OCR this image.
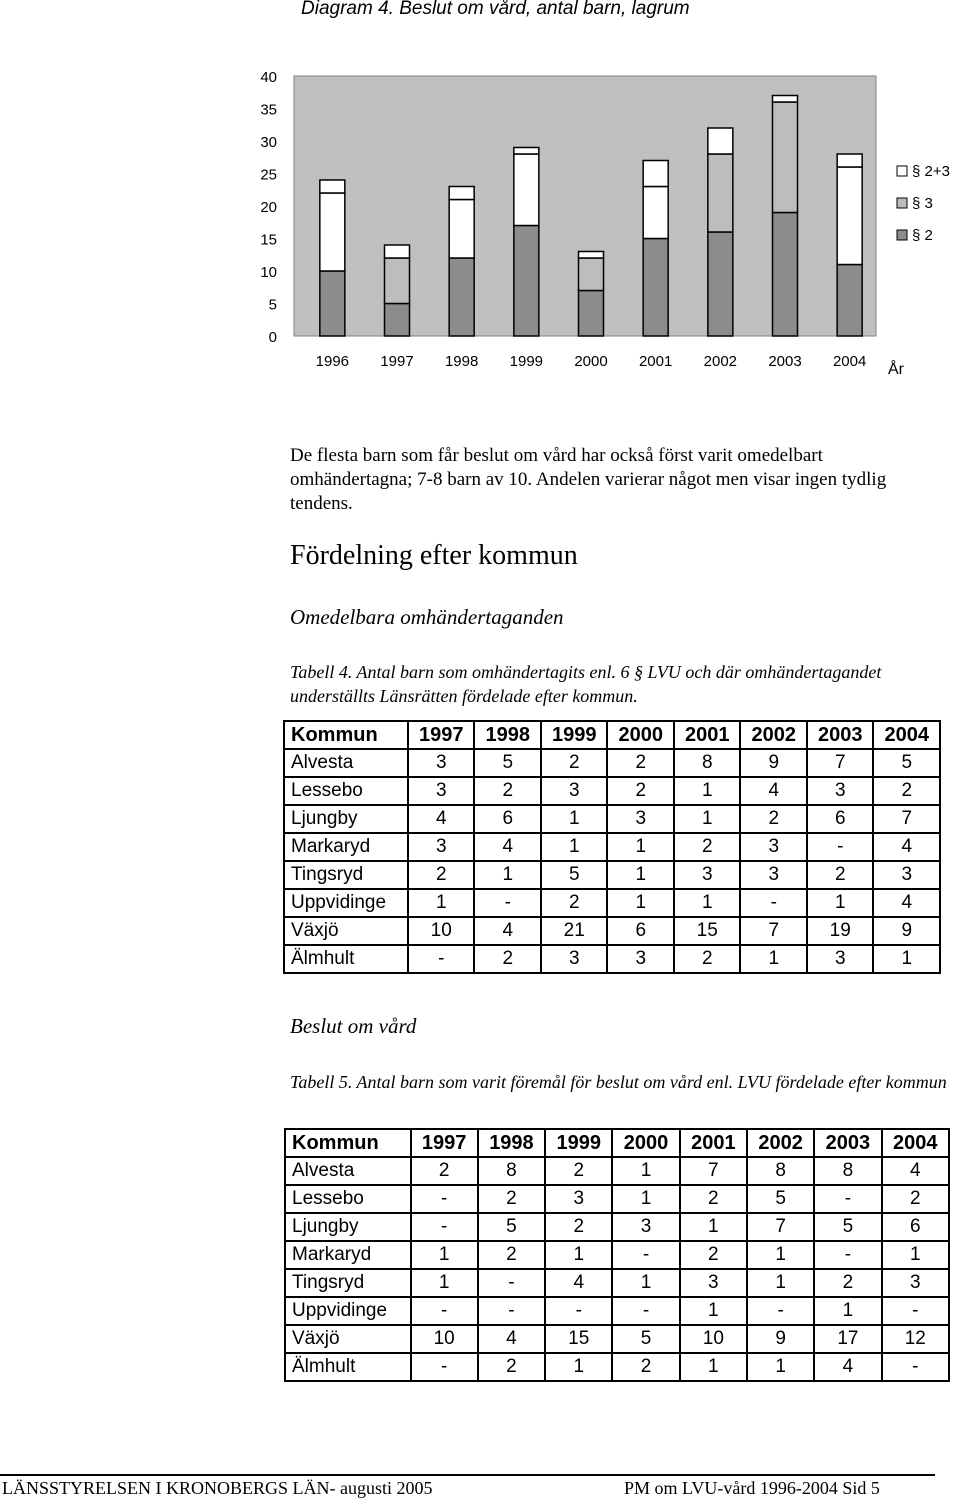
Diagram 4. Beslut om vård, antal barn, lagrum
0
5
10
15
20
25
30
35
40
1996 1997 1998 1999 2000 2001 2002 2003 2004 År
§ 2+3
§ 3
§ 2
De flesta barn som får beslut om vård har också först varit omedelbart omhändertagna; 7-8 barn av 10. Andelen varierar något men visar ingen tydlig tendens.
Fördelning efter kommun
Omedelbara omhändertaganden
Tabell 4. Antal barn som omhändertagits enl. 6 § LVU och där omhändertagandet underställts Länsrätten fördelade efter kommun.
Kommun	1997	1998	1999	2000	2001	2002	2003	2004
Alvesta	3	5	2	2	8	9	7	5
Lessebo	3	2	3	2	1	4	3	2
Ljungby	4	6	1	3	1	2	6	7
Markaryd	3	4	1	1	2	3	-	4
Tingsryd	2	1	5	1	3	3	2	3
Uppvidinge	1	-	2	1	1	-	1	4
Växjö	10	4	21	6	15	7	19	9
Älmhult	-	2	3	3	2	1	3	1
Beslut om vård
Tabell 5. Antal barn som varit föremål för beslut om vård enl. LVU fördelade efter kommun
Kommun	1997	1998	1999	2000	2001	2002	2003	2004
Alvesta	2	8	2	1	7	8	8	4
Lessebo	-	2	3	1	2	5	-	2
Ljungby	-	5	2	3	1	7	5	6
Markaryd	1	2	1	-	2	1	-	1
Tingsryd	1	-	4	1	3	1	2	3
Uppvidinge	-	-	-	-	1	-	1	-
Växjö	10	4	15	5	10	9	17	12
Älmhult	-	2	1	2	1	1	4	-
LÄNSSTYRELSEN I KRONOBERGS LÄN- augusti 2005	PM om LVU-vård 1996-2004 Sid 5
